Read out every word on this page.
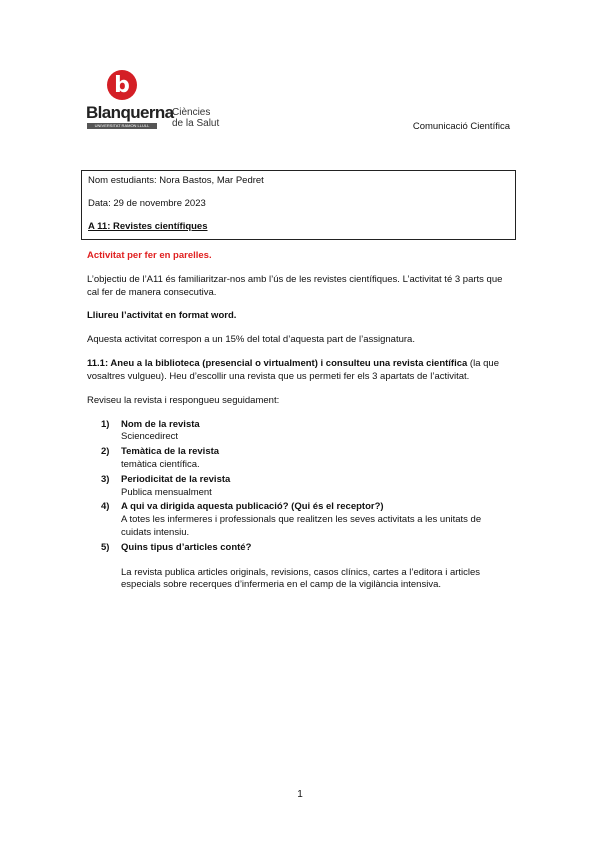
b
Blanquerna
UNIVERSITAT RAMON LLULL
Ciències
de la Salut	Comunicació Científica

Nom estudiants: Nora Bastos, Mar Pedret

Data: 29 de novembre 2023

A 11: Revistes científiques

Activitat per fer en parelles.

L’objectiu de l’A11 és familiaritzar-nos amb l’ús de les revistes científiques. L’activitat té 3 parts que cal fer de manera consecutiva.

Lliureu l’activitat en format word.

Aquesta activitat correspon a un 15% del total d’aquesta part de l’assignatura.

11.1: Aneu a la biblioteca (presencial o virtualment) i consulteu una revista científica (la que vosaltres vulgueu). Heu d’escollir una revista que us permeti fer els 3 apartats de l’activitat.

Reviseu la revista i respongueu seguidament:

1) Nom de la revista
Sciencedirect
2) Temàtica de la revista
temàtica científica.
3) Periodicitat de la revista
Publica mensualment
4) A qui va dirigida aquesta publicació? (Qui és el receptor?)
A totes les infermeres i professionals que realitzen les seves activitats a les unitats de cuidats intensiu.
5) Quins tipus d’articles conté?
La revista publica articles originals, revisions, casos clínics, cartes a l’editora i articles especials sobre recerques d’infermeria en el camp de la vigilància intensiva.
1
